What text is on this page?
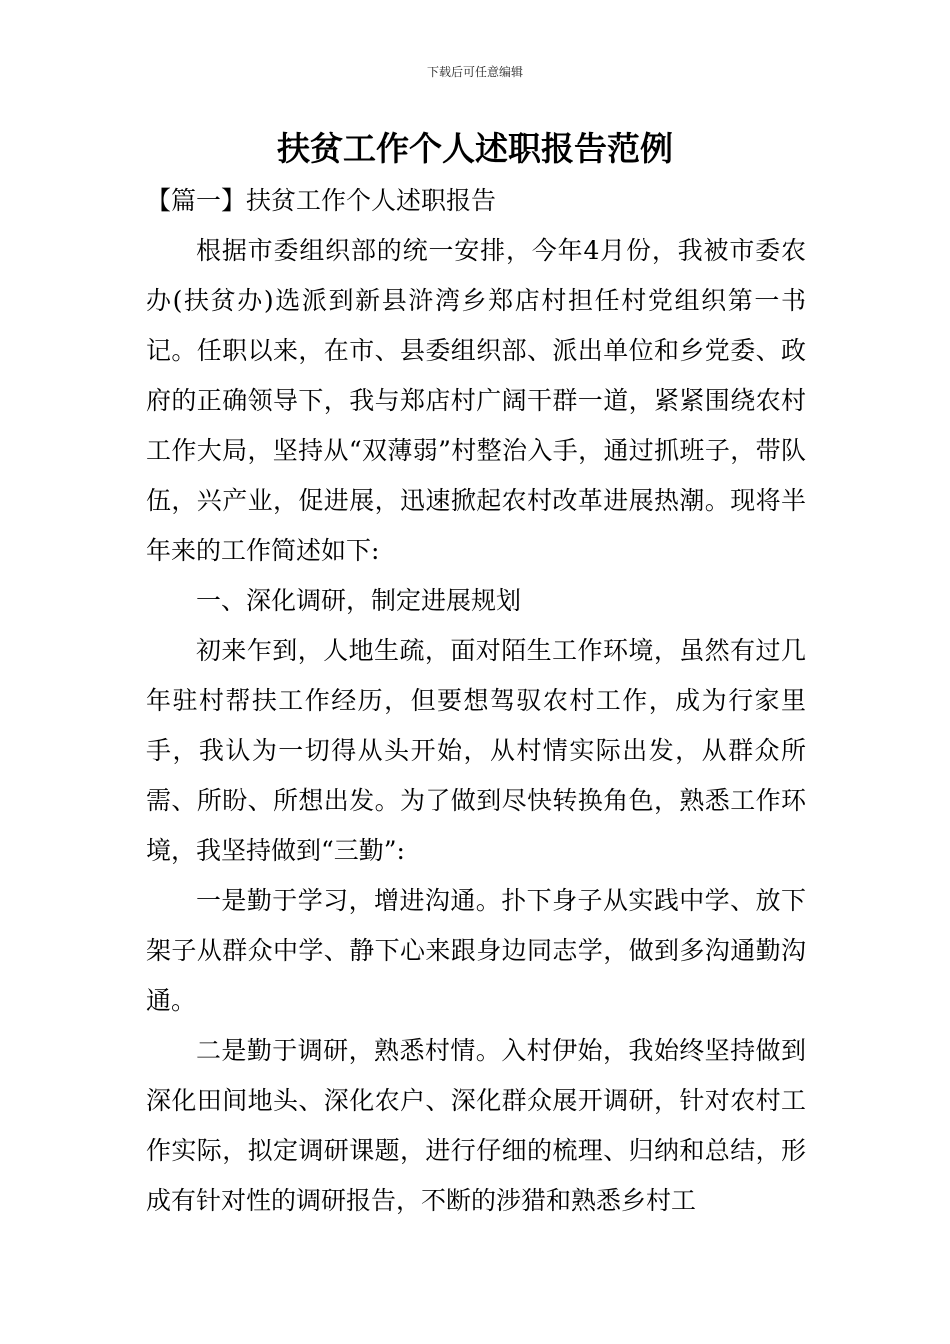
下载后可任意编辑
扶贫工作个人述职报告范例

【篇一】扶贫工作个人述职报告

根据市委组织部的统一安排，今年4月份，我被市委农办(扶贫办)选派到新县浒湾乡郑店村担任村党组织第一书记。任职以来，在市、县委组织部、派出单位和乡党委、政府的正确领导下，我与郑店村广阔干群一道，紧紧围绕农村工作大局，坚持从“双薄弱”村整治入手，通过抓班子，带队伍，兴产业，促进展，迅速掀起农村改革进展热潮。现将半年来的工作简述如下:

一、深化调研，制定进展规划

初来乍到，人地生疏，面对陌生工作环境，虽然有过几年驻村帮扶工作经历，但要想驾驭农村工作，成为行家里手，我认为一切得从头开始，从村情实际出发，从群众所需、所盼、所想出发。为了做到尽快转换角色，熟悉工作环境，我坚持做到“三勤”:

一是勤于学习，增进沟通。扑下身子从实践中学、放下架子从群众中学、静下心来跟身边同志学，做到多沟通勤沟通。

二是勤于调研，熟悉村情。入村伊始，我始终坚持做到深化田间地头、深化农户、深化群众展开调研，针对农村工作实际，拟定调研课题，进行仔细的梳理、归纳和总结，形成有针对性的调研报告，不断的涉猎和熟悉乡村工
